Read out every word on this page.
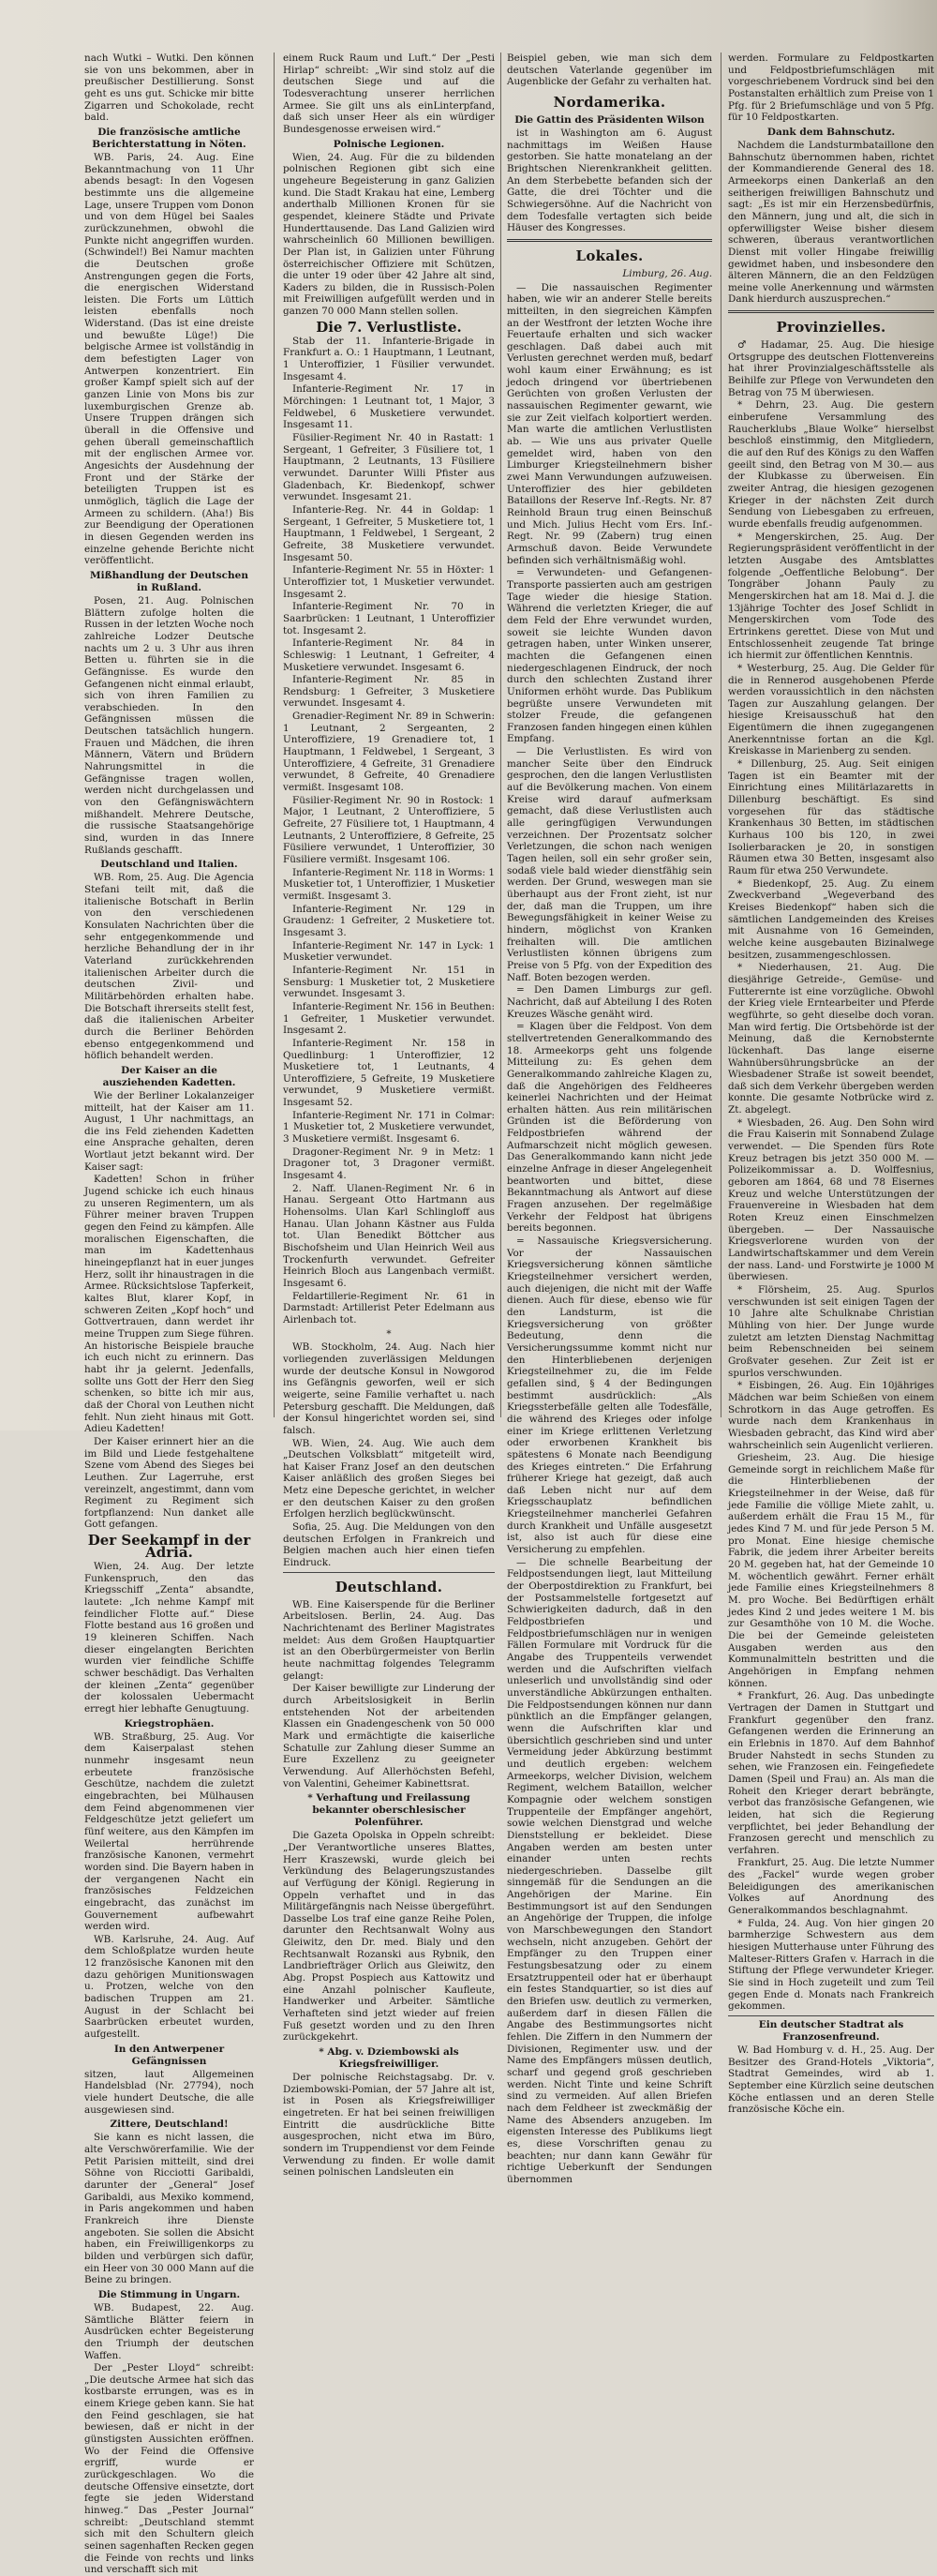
nach Wutki – Wutki. Den können sie von uns bekommen, aber in preußischer Destillierung. Sonst geht es uns gut. Schicke mir bitte Zigarren und Schokolade, recht bald.

Die französische amtliche Berichterstattung in Nöten.

WB. Paris, 24. Aug. Eine Bekanntmachung von 11 Uhr abends besagt: In den Vogesen bestimmte uns die allgemeine Lage, unsere Truppen vom Donon und von dem Hügel bei Saales zurückzunehmen, obwohl die Punkte nicht angegriffen wurden. (Schwindel!) Bei Namur machten die Deutschen große Anstrengungen gegen die Forts, die energischen Widerstand leisten. Die Forts um Lüttich leisten ebenfalls noch Widerstand. (Das ist eine dreiste und bewußte Lüge!) Die belgische Armee ist vollständig in dem befestigten Lager von Antwerpen konzentriert. Ein großer Kampf spielt sich auf der ganzen Linie von Mons bis zur luxemburgischen Grenze ab. Unsere Truppen drängen sich überall in die Offensive und gehen überall gemeinschaftlich mit der englischen Armee vor. Angesichts der Ausdehnung der Front und der Stärke der beteiligten Truppen ist es unmöglich, täglich die Lage der Armeen zu schildern. (Aha!) Bis zur Beendigung der Operationen in diesen Gegenden werden ins einzelne gehende Berichte nicht veröffentlicht.

Mißhandlung der Deutschen in Rußland.

Posen, 21. Aug. Polnischen Blättern zufolge holten die Russen in der letzten Woche noch zahlreiche Lodzer Deutsche nachts um 2 u. 3 Uhr aus ihren Betten u. führten sie in die Gefängnisse. Es wurde den Gefangenen nicht einmal erlaubt, sich von ihren Familien zu verabschieden. In den Gefängnissen müssen die Deutschen tatsächlich hungern. Frauen und Mädchen, die ihren Männern, Vätern und Brüdern Nahrungsmittel in die Gefängnisse tragen wollen, werden nicht durchgelassen und von den Gefängniswächtern mißhandelt. Mehrere Deutsche, die russische Staatsangehörige sind, wurden in das Innere Rußlands geschafft.

Deutschland und Italien.

WB. Rom, 25. Aug. Die Agencia Stefani teilt mit, daß die italienische Botschaft in Berlin von den verschiedenen Konsulaten Nachrichten über die sehr entgegenkommende und herzliche Behandlung der in ihr Vaterland zurückkehrenden italienischen Arbeiter durch die deutschen Zivil- und Militärbehörden erhalten habe. Die Botschaft ihrerseits stellt fest, daß die italienischen Arbeiter durch die Berliner Behörden ebenso entgegenkommend und höflich behandelt werden.

Der Kaiser an die ausziehenden Kadetten.

Wie der Berliner Lokalanzeiger mitteilt, hat der Kaiser am 11. August, 1 Uhr nachmittags, an die ins Feld ziehenden Kadetten eine Ansprache gehalten, deren Wortlaut jetzt bekannt wird. Der Kaiser sagt:

Kadetten! Schon in früher Jugend schicke ich euch hinaus zu unseren Regimentern, um als Führer meiner braven Truppen gegen den Feind zu kämpfen. Alle moralischen Eigenschaften, die man im Kadettenhaus hineingepflanzt hat in euer junges Herz, sollt ihr hinaustragen in die Armee. Rücksichtslose Tapferkeit, kaltes Blut, klarer Kopf, in schweren Zeiten „Kopf hoch“ und Gottvertrauen, dann werdet ihr meine Truppen zum Siege führen. An historische Beispiele brauche ich euch nicht zu erinnern. Das habt ihr ja gelernt. Jedenfalls, sollte uns Gott der Herr den Sieg schenken, so bitte ich mir aus, daß der Choral von Leuthen nicht fehlt. Nun zieht hinaus mit Gott. Adieu Kadetten!

Der Kaiser erinnert hier an die im Bild und Liede festgehaltene Szene vom Abend des Sieges bei Leuthen. Zur Lagerruhe, erst vereinzelt, angestimmt, dann vom Regiment zu Regiment sich fortpflanzend: Nun danket alle Gott gefangen.

Der Seekampf in der Adria.

Wien, 24. Aug. Der letzte Funkenspruch, den das Kriegsschiff „Zenta“ absandte, lautete: „Ich nehme Kampf mit feindlicher Flotte auf.“ Diese Flotte bestand aus 16 großen und 19 kleineren Schiffen. Nach dieser eingelangten Berichten wurden vier feindliche Schiffe schwer beschädigt. Das Verhalten der kleinen „Zenta“ gegenüber der kolossalen Uebermacht erregt hier lebhafte Genugtuung.

Kriegstrophäen.

WB. Straßburg, 25. Aug. Vor dem Kaiserpalast stehen nunmehr insgesamt neun erbeutete französische Geschütze, nachdem die zuletzt eingebrachten, bei Mülhausen dem Feind abgenommenen vier Feldgeschütze jetzt geliefert um fünf weitere, aus den Kämpfen im Weilertal herrührende französische Kanonen, vermehrt worden sind. Die Bayern haben in der vergangenen Nacht ein französisches Feldzeichen eingebracht, das zunächst im Gouvernement aufbewahrt werden wird.

WB. Karlsruhe, 24. Aug. Auf dem Schloßplatze wurden heute 12 französische Kanonen mit den dazu gehörigen Munitionswagen u. Protzen, welche von den badischen Truppen am 21. August in der Schlacht bei Saarbrücken erbeutet wurden, aufgestellt.

In den Antwerpener Gefängnissen

sitzen, laut Allgemeinen Handelsblad (Nr. 27794), noch viele hundert Deutsche, die alle ausgewiesen sind.

Zittere, Deutschland!

Sie kann es nicht lassen, die alte Verschwörerfamilie. Wie der Petit Parisien mitteilt, sind drei Söhne von Ricciotti Garibaldi, darunter der „General“ Josef Garibaldi, aus Mexiko kommend, in Paris angekommen und haben Frankreich ihre Dienste angeboten. Sie sollen die Absicht haben, ein Freiwilligenkorps zu bilden und verbürgen sich dafür, ein Heer von 30 000 Mann auf die Beine zu bringen.

Die Stimmung in Ungarn.

WB. Budapest, 22. Aug. Sämtliche Blätter feiern in Ausdrücken echter Begeisterung den Triumph der deutschen Waffen.

Der „Pester Lloyd“ schreibt: „Die deutsche Armee hat sich das kostbarste errungen, was es in einem Kriege geben kann. Sie hat den Feind geschlagen, sie hat bewiesen, daß er nicht in der günstigsten Aussichten eröffnen. Wo der Feind die Offensive ergriff, wurde er zurückgeschlagen. Wo die deutsche Offensive einsetzte, dort fegte sie jeden Widerstand hinweg.“ Das „Pester Journal“ schreibt: „Deutschland stemmt sich mit den Schultern gleich seinen sagenhaften Recken gegen die Feinde von rechts und links und verschafft sich mit

einem Ruck Raum und Luft.“ Der „Pesti Hirlap“ schreibt: „Wir sind stolz auf die deutschen Siege und auf die Todesverachtung unserer herrlichen Armee. Sie gilt uns als einLinterpfand, daß sich unser Heer als ein würdiger Bundesgenosse erweisen wird.“

Polnische Legionen.

Wien, 24. Aug. Für die zu bildenden polnischen Regionen gibt sich eine ungeheure Begeisterung in ganz Galizien kund. Die Stadt Krakau hat eine, Lemberg anderthalb Millionen Kronen für sie gespendet, kleinere Städte und Private Hunderttausende. Das Land Galizien wird wahrscheinlich 60 Millionen bewilligen. Der Plan ist, in Galizien unter Führung österreichischer Offiziere mit Schützen, die unter 19 oder über 42 Jahre alt sind, Kaders zu bilden, die in Russisch-Polen mit Freiwilligen aufgefüllt werden und in ganzen 70 000 Mann stellen sollen.

Die 7. Verlustliste.

Stab der 11. Infanterie-Brigade in Frankfurt a. O.: 1 Hauptmann, 1 Leutnant, 1 Unteroffizier, 1 Füsilier verwundet. Insgesamt 4.

Infanterie-Regiment Nr. 17 in Mörchingen: 1 Leutnant tot, 1 Major, 3 Feldwebel, 6 Musketiere verwundet. Insgesamt 11.

Füsilier-Regiment Nr. 40 in Rastatt: 1 Sergeant, 1 Gefreiter, 3 Füsiliere tot, 1 Hauptmann, 2 Leutnants, 13 Füsiliere verwundet. Darunter Willi Pfister aus Gladenbach, Kr. Biedenkopf, schwer verwundet. Insgesamt 21.

Infanterie-Reg. Nr. 44 in Goldap: 1 Sergeant, 1 Gefreiter, 5 Musketiere tot, 1 Hauptmann, 1 Feldwebel, 1 Sergeant, 2 Gefreite, 38 Musketiere verwundet. Insgesamt 50.

Infanterie-Regiment Nr. 55 in Höxter: 1 Unteroffizier tot, 1 Musketier verwundet. Insgesamt 2.

Infanterie-Regiment Nr. 70 in Saarbrücken: 1 Leutnant, 1 Unteroffizier tot. Insgesamt 2.

Infanterie-Regiment Nr. 84 in Schleswig: 1 Leutnant, 1 Gefreiter, 4 Musketiere verwundet. Insgesamt 6.

Infanterie-Regiment Nr. 85 in Rendsburg: 1 Gefreiter, 3 Musketiere verwundet. Insgesamt 4.

Grenadier-Regiment Nr. 89 in Schwerin: 1 Leutnant, 2 Sergeanten, 2 Unteroffiziere, 19 Grenadiere tot, 1 Hauptmann, 1 Feldwebel, 1 Sergeant, 3 Unteroffiziere, 4 Gefreite, 31 Grenadiere verwundet, 8 Gefreite, 40 Grenadiere vermißt. Insgesamt 108.

Füsilier-Regiment Nr. 90 in Rostock: 1 Major, 1 Leutnant, 2 Unteroffiziere, 5 Gefreite, 27 Füsiliere tot, 1 Hauptmann, 4 Leutnants, 2 Unteroffiziere, 8 Gefreite, 25 Füsiliere verwundet, 1 Unteroffizier, 30 Füsiliere vermißt. Insgesamt 106.

Infanterie-Regiment Nr. 118 in Worms: 1 Musketier tot, 1 Unteroffizier, 1 Musketier vermißt. Insgesamt 3.

Infanterie-Regiment Nr. 129 in Graudenz: 1 Gefreiter, 2 Musketiere tot. Insgesamt 3.

Infanterie-Regiment Nr. 147 in Lyck: 1 Musketier verwundet.

Infanterie-Regiment Nr. 151 in Sensburg: 1 Musketier tot, 2 Musketiere verwundet. Insgesamt 3.

Infanterie-Regiment Nr. 156 in Beuthen: 1 Gefreiter, 1 Musketier verwundet. Insgesamt 2.

Infanterie-Regiment Nr. 158 in Quedlinburg: 1 Unteroffizier, 12 Musketiere tot, 1 Leutnants, 4 Unteroffiziere, 5 Gefreite, 19 Musketiere verwundet, 9 Musketiere vermißt. Insgesamt 52.

Infanterie-Regiment Nr. 171 in Colmar: 1 Musketier tot, 2 Musketiere verwundet, 3 Musketiere vermißt. Insgesamt 6.

Dragoner-Regiment Nr. 9 in Metz: 1 Dragoner tot, 3 Dragoner vermißt. Insgesamt 4.

2. Naff. Ulanen-Regiment Nr. 6 in Hanau. Sergeant Otto Hartmann aus Hohensolms. Ulan Karl Schlingloff aus Hanau. Ulan Johann Kästner aus Fulda tot. Ulan Benedikt Böttcher aus Bischofsheim und Ulan Heinrich Weil aus Trockenfurth verwundet. Gefreiter Heinrich Bloch aus Langenbach vermißt. Insgesamt 6.

Feldartillerie-Regiment Nr. 61 in Darmstadt: Artillerist Peter Edelmann aus Airlenbach tot.

*

WB. Stockholm, 24. Aug. Nach hier vorliegenden zuverlässigen Meldungen wurde der deutsche Konsul in Nowgorod ins Gefängnis geworfen, weil er sich weigerte, seine Familie verhaftet u. nach Petersburg geschafft. Die Meldungen, daß der Konsul hingerichtet worden sei, sind falsch.

WB. Wien, 24. Aug. Wie auch dem „Deutschen Volksblatt“ mitgeteilt wird, hat Kaiser Franz Josef an den deutschen Kaiser anläßlich des großen Sieges bei Metz eine Depesche gerichtet, in welcher er den deutschen Kaiser zu den großen Erfolgen herzlich beglückwünscht.

Sofia, 25. Aug. Die Meldungen von den deutschen Erfolgen in Frankreich und Belgien machen auch hier einen tiefen Eindruck.

Deutschland.

WB. Eine Kaiserspende für die Berliner Arbeitslosen. Berlin, 24. Aug. Das Nachrichtenamt des Berliner Magistrates meldet: Aus dem Großen Hauptquartier ist an den Oberbürgermeister von Berlin heute nachmittag folgendes Telegramm gelangt:

Der Kaiser bewilligte zur Linderung der durch Arbeitslosigkeit in Berlin entstehenden Not der arbeitenden Klassen ein Gnadengeschenk von 50 000 Mark und ermächtigte die kaiserliche Schatulle zur Zahlung dieser Summe an Eure Exzellenz zu geeigneter Verwendung. Auf Allerhöchsten Befehl, von Valentini, Geheimer Kabinettsrat.

* Verhaftung und Freilassung bekannter oberschlesischer Polenführer.

Die Gazeta Opolska in Oppeln schreibt: „Der Verantwortliche unseres Blattes, Herr Kraszewski, wurde gleich bei Verkündung des Belagerungszustandes auf Verfügung der Königl. Regierung in Oppeln verhaftet und in das Militärgefängnis nach Neisse übergeführt. Dasselbe Los traf eine ganze Reihe Polen, darunter den Rechtsanwalt Wolny aus Gleiwitz, den Dr. med. Bialy und den Rechtsanwalt Rozanski aus Rybnik, den Landbriefträger Orlich aus Gleiwitz, den Abg. Propst Pospiech aus Kattowitz und eine Anzahl polnischer Kaufleute, Handwerker und Arbeiter. Sämtliche Verhafteten sind jetzt wieder auf freien Fuß gesetzt worden und zu den Ihren zurückgekehrt.

* Abg. v. Dziembowski als Kriegsfreiwilliger.

Der polnische Reichstagsabg. Dr. v. Dziembowski-Pomian, der 57 Jahre alt ist, ist in Posen als Kriegsfreiwilliger eingetreten. Er hat bei seinen freiwilligen Eintritt die ausdrückliche Bitte ausgesprochen, nicht etwa im Büro, sondern im Truppendienst vor dem Feinde Verwendung zu finden. Er wolle damit seinen polnischen Landsleuten ein

Beispiel geben, wie man sich dem deutschen Vaterlande gegenüber im Augenblicke der Gefahr zu verhalten hat.

Nordamerika.
Die Gattin des Präsidenten Wilson

ist in Washington am 6. August nachmittags im Weißen Hause gestorben. Sie hatte monatelang an der Brightschen Nierenkrankheit gelitten. An dem Sterbebette befanden sich der Gatte, die drei Töchter und die Schwiegersöhne. Auf die Nachricht von dem Todesfalle vertagten sich beide Häuser des Kongresses.

Lokales.
Limburg, 26. Aug.

— Die nassauischen Regimenter haben, wie wir an anderer Stelle bereits mitteilten, in den siegreichen Kämpfen an der Westfront der letzten Woche ihre Feuertaufe erhalten und sich wacker geschlagen. Daß dabei auch mit Verlusten gerechnet werden muß, bedarf wohl kaum einer Erwähnung; es ist jedoch dringend vor übertriebenen Gerüchten von großen Verlusten der nassauischen Regimenter gewarnt, wie sie zur Zeit vielfach kolportiert werden. Man warte die amtlichen Verlustlisten ab. — Wie uns aus privater Quelle gemeldet wird, haben von den Limburger Kriegsteilnehmern bisher zwei Mann Verwundungen aufzuweisen. Unteroffizier des hier gebildeten Bataillons der Reserve Inf.-Regts. Nr. 87 Reinhold Braun trug einen Beinschuß und Mich. Julius Hecht vom Ers. Inf.-Regt. Nr. 99 (Zabern) trug einen Armschuß davon. Beide Verwundete befinden sich verhältnismäßig wohl.

= Verwundeten- und Gefangenen-Transporte passierten auch am gestrigen Tage wieder die hiesige Station. Während die verletzten Krieger, die auf dem Feld der Ehre verwundet wurden, soweit sie leichte Wunden davon getragen haben, unter Winken unserer, machten die Gefangenen einen niedergeschlagenen Eindruck, der noch durch den schlechten Zustand ihrer Uniformen erhöht wurde. Das Publikum begrüßte unsere Verwundeten mit stolzer Freude, die gefangenen Franzosen fanden hingegen einen kühlen Empfang.

— Die Verlustlisten. Es wird von mancher Seite über den Eindruck gesprochen, den die langen Verlustlisten auf die Bevölkerung machen. Von einem Kreise wird darauf aufmerksam gemacht, daß diese Verlustlisten auch alle geringfügigen Verwundungen verzeichnen. Der Prozentsatz solcher Verletzungen, die schon nach wenigen Tagen heilen, soll ein sehr großer sein, sodaß viele bald wieder dienstfähig sein werden. Der Grund, weswegen man sie überhaupt aus der Front zieht, ist nur der, daß man die Truppen, um ihre Bewegungsfähigkeit in keiner Weise zu hindern, möglichst von Kranken freihalten will. Die amtlichen Verlustlisten können übrigens zum Preise von 5 Pfg. von der Expedition des Naff. Boten bezogen werden.

= Den Damen Limburgs zur gefl. Nachricht, daß auf Abteilung I des Roten Kreuzes Wäsche genäht wird.

= Klagen über die Feldpost. Von dem stellvertretenden Generalkommando des 18. Armeekorps geht uns folgende Mitteilung zu: Es gehen dem Generalkommando zahlreiche Klagen zu, daß die Angehörigen des Feldheeres keinerlei Nachrichten und der Heimat erhalten hätten. Aus rein militärischen Gründen ist die Beförderung von Feldpostbriefen während der Aufmarschzeit nicht möglich gewesen. Das Generalkommando kann nicht jede einzelne Anfrage in dieser Angelegenheit beantworten und bittet, diese Bekanntmachung als Antwort auf diese Fragen anzusehen. Der regelmäßige Verkehr der Feldpost hat übrigens bereits begonnen.

= Nassauische Kriegsversicherung. Vor der Nassauischen Kriegsversicherung können sämtliche Kriegsteilnehmer versichert werden, auch diejenigen, die nicht mit der Waffe dienen. Auch für diese, ebenso wie für den Landsturm, ist die Kriegsversicherung von größter Bedeutung, denn die Versicherungssumme kommt nicht nur den Hinterbliebenen derjenigen Kriegsteilnehmer zu, die im Felde gefallen sind, § 4 der Bedingungen bestimmt ausdrücklich: „Als Kriegssterbefälle gelten alle Todesfälle, die während des Krieges oder infolge einer im Kriege erlittenen Verletzung oder erworbenen Krankheit bis spätestens 6 Monate nach Beendigung des Krieges eintreten.“ Die Erfahrung früherer Kriege hat gezeigt, daß auch daß Leben nicht nur auf dem Kriegsschauplatz befindlichen Kriegsteilnehmer mancherlei Gefahren durch Krankheit und Unfälle ausgesetzt ist, also ist auch für diese eine Versicherung zu empfehlen.

— Die schnelle Bearbeitung der Feldpostsendungen liegt, laut Mitteilung der Oberpostdirektion zu Frankfurt, bei der Postsammelstelle fortgesetzt auf Schwierigkeiten dadurch, daß in den Feldpostbriefen und Feldpostbriefumschlägen nur in wenigen Fällen Formulare mit Vordruck für die Angabe des Truppenteils verwendet werden und die Aufschriften vielfach unleserlich und unvollständig sind oder unverständliche Abkürzungen enthalten. Die Feldpostsendungen können nur dann pünktlich an die Empfänger gelangen, wenn die Aufschriften klar und übersichtlich geschrieben sind und unter Vermeidung jeder Abkürzung bestimmt und deutlich ergeben: welchem Armeekorps, welcher Division, welchem Regiment, welchem Bataillon, welcher Kompagnie oder welchem sonstigen Truppenteile der Empfänger angehört, sowie welchen Dienstgrad und welche Dienststellung er bekleidet. Diese Angaben werden am besten unter einander unten rechts niedergeschrieben. Dasselbe gilt sinngemäß für die Sendungen an die Angehörigen der Marine. Ein Bestimmungsort ist auf den Sendungen an Angehörige der Truppen, die infolge von Marschbewegungen den Standort wechseln, nicht anzugeben. Gehört der Empfänger zu den Truppen einer Festungsbesatzung oder zu einem Ersatztruppenteil oder hat er überhaupt ein festes Standquartier, so ist dies auf den Briefen usw. deutlich zu vermerken, außerdem darf in diesen Fällen die Angabe des Bestimmungsortes nicht fehlen. Die Ziffern in den Nummern der Divisionen, Regimenter usw. und der Name des Empfängers müssen deutlich, scharf und gegend groß geschrieben werden. Nicht Tinte und keine Schrift sind zu vermeiden. Auf allen Briefen nach dem Feldheer ist zweckmäßig der Name des Absenders anzugeben. Im eigensten Interesse des Publikums liegt es, diese Vorschriften genau zu beachten; nur dann kann Gewähr für richtige Ueberkunft der Sendungen übernommen

werden. Formulare zu Feldpostkarten und Feldpostbriefumschlägen mit vorgeschriebenem Vordruck sind bei den Postanstalten erhältlich zum Preise von 1 Pfg. für 2 Briefumschläge und von 5 Pfg. für 10 Feldpostkarten.

Dank dem Bahnschutz.

Nachdem die Landsturmbataillone den Bahnschutz übernommen haben, richtet der Kommandierende General des 18. Armeekorps einen Dankerlaß an den seitherigen freiwilligen Bahnschutz und sagt: „Es ist mir ein Herzensbedürfnis, den Männern, jung und alt, die sich in opferwilligster Weise bisher diesem schweren, überaus verantwortlichen Dienst mit voller Hingabe freiwillig gewidmet haben, und insbesondere den älteren Männern, die an den Feldzügen meine volle Anerkennung und wärmsten Dank hierdurch auszusprechen.“

Provinzielles.

♂ Hadamar, 25. Aug. Die hiesige Ortsgruppe des deutschen Flottenvereins hat ihrer Provinzialgeschäftsstelle als Beihilfe zur Pflege von Verwundeten den Betrag von 75 M überwiesen.

* Dehrn, 23. Aug. Die gestern einberufene Versammlung des Raucherklubs „Blaue Wolke“ hierselbst beschloß einstimmig, den Mitgliedern, die auf den Ruf des Königs zu den Waffen geeilt sind, den Betrag von M 30.— aus der Klubkasse zu überweisen. Ein zweiter Antrag, die hiesigen gezogenen Krieger in der nächsten Zeit durch Sendung von Liebesgaben zu erfreuen, wurde ebenfalls freudig aufgenommen.

* Mengerskirchen, 25. Aug. Der Regierungspräsident veröffentlicht in der letzten Ausgabe des Amtsblattes folgende „Oeffentliche Belobung“. Der Tongräber Johann Pauly zu Mengerskirchen hat am 18. Mai d. J. die 13jährige Tochter des Josef Schlidt in Mengerskirchen vom Tode des Ertrinkens gerettet. Diese von Mut und Entschlossenheit zeugende Tat bringe ich hiermit zur öffentlichen Kenntnis.

* Westerburg, 25. Aug. Die Gelder für die in Rennerod ausgehobenen Pferde werden voraussichtlich in den nächsten Tagen zur Auszahlung gelangen. Der hiesige Kreisausschuß hat den Eigentümern die ihnen zugegangenen Anerkenntnisse fortan an die Kgl. Kreiskasse in Marienberg zu senden.

* Dillenburg, 25. Aug. Seit einigen Tagen ist ein Beamter mit der Einrichtung eines Militärlazaretts in Dillenburg beschäftigt. Es sind vorgesehen für das städtische Krankenhaus 30 Betten, im städtischen Kurhaus 100 bis 120, in zwei Isolierbaracken je 20, in sonstigen Räumen etwa 30 Betten, insgesamt also Raum für etwa 250 Verwundete.

* Biedenkopf, 25. Aug. Zu einem Zweckverband „Wegeverband des Kreises Biedenkopf“ haben sich die sämtlichen Landgemeinden des Kreises mit Ausnahme von 16 Gemeinden, welche keine ausgebauten Bizinalwege besitzen, zusammengeschlossen.

* Niederhausen, 21. Aug. Die diesjährige Getreide-, Gemüse- und Futterernte ist eine vorzügliche. Obwohl der Krieg viele Erntearbeiter und Pferde wegführte, so geht dieselbe doch voran. Man wird fertig. Die Ortsbehörde ist der Meinung, daß die Kernobsternte lückenhaft. Das lange eiserne Wahnübersührungsbrücke an der Wiesbadener Straße ist soweit beendet, daß sich dem Verkehr übergeben werden konnte. Die gesamte Notbrücke wird z. Zt. abgelegt.

* Wiesbaden, 26. Aug. Den Sohn wird die Frau Kaiserin mit Sonnabend Zulage verwendet. — Die Spenden fürs Rote Kreuz betragen bis jetzt 350 000 M. — Polizeikommissar a. D. Wolffesnius, geboren am 1864, 68 und 78 Eisernes Kreuz und welche Unterstützungen der Frauenvereine in Wiesbaden hat dem Roten Kreuz einen Einschmelzen übergeben. — Der Nassauische Kriegsverlorene wurden von der Landwirtschaftskammer und dem Verein der nass. Land- und Forstwirte je 1000 M überwiesen.

* Flörsheim, 25. Aug. Spurlos verschwunden ist seit einigen Tagen der 10 Jahre alte Schulknabe Christian Mühling von hier. Der Junge wurde zuletzt am letzten Dienstag Nachmittag beim Rebenschneiden bei seinem Großvater gesehen. Zur Zeit ist er spurlos verschwunden.

* Eisbingen, 26. Aug. Ein 10jähriges Mädchen war beim Schießen von einem Schrotkorn in das Auge getroffen. Es wurde nach dem Krankenhaus in Wiesbaden gebracht, das Kind wird aber wahrscheinlich sein Augenlicht verlieren.

Griesheim, 23. Aug. Die hiesige Gemeinde sorgt in reichlichem Maße für die Hinterbliebenen der Kriegsteilnehmer in der Weise, daß für jede Familie die völlige Miete zahlt, u. außerdem erhält die Frau 15 M., für jedes Kind 7 M. und für jede Person 5 M. pro Monat. Eine hiesige chemische Fabrik, die jedem ihrer Arbeiter bereits 20 M. gegeben hat, hat der Gemeinde 10 M. wöchentlich gewährt. Ferner erhält jede Familie eines Kriegsteilnehmers 8 M. pro Woche. Bei Bedürftigen erhält jedes Kind 2 und jedes weitere 1 M. bis zur Gesamthöhe von 10 M. die Woche. Die bei der Gemeinde geleisteten Ausgaben werden aus den Kommunalmitteln bestritten und die Angehörigen in Empfang nehmen können.

* Frankfurt, 26. Aug. Das unbedingte Vertragen der Damen in Stuttgart und Frankfurt gegenüber den franz. Gefangenen werden die Erinnerung an ein Erlebnis in 1870. Auf dem Bahnhof Bruder Nahstedt in sechs Stunden zu sehen, wie Franzosen ein. Feingefiedete Damen (Speil und Frau) an. Als man die Roheit den Krieger derart bebrängte, verbot das französische Gefangenen, wie leiden, hat sich die Regierung verpflichtet, bei jeder Behandlung der Franzosen gerecht und menschlich zu verfahren.

Frankfurt, 25. Aug. Die letzte Nummer des „Fackel“ wurde wegen grober Beleidigungen des amerikanischen Volkes auf Anordnung des Generalkommandos beschlagnahmt.

* Fulda, 24. Aug. Von hier gingen 20 barmherzige Schwestern aus dem hiesigen Mutterhause unter Führung des Malteser-Ritters Grafen v. Harrach in die Stiftung der Pflege verwundeter Krieger. Sie sind in Hoch zugeteilt und zum Teil gegen Ende d. Monats nach Frankreich gekommen.

Ein deutscher Stadtrat als Franzosenfreund.

W. Bad Homburg v. d. H., 25. Aug. Der Besitzer des Grand-Hotels „Viktoria“, Stadtrat Gemeindes, wird ab 1. September eine Kürzlich seine deutschen Köche entlassen und an deren Stelle französische Köche ein.
